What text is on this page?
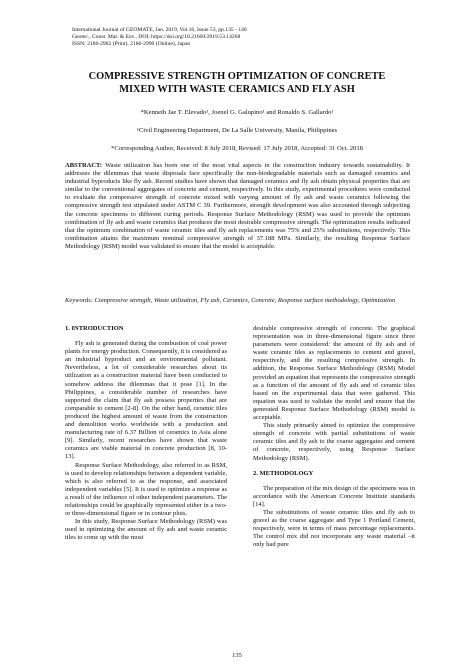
International Journal of GEOMATE, Jan. 2019, Vol.16, Issue 53, pp.135 - 140
Geotec., Const. Mat. & Env., DOI: https://doi.org/10.21660/2019.53.14268
ISSN: 2186-2982 (Print), 2186-2990 (Online), Japan
COMPRESSIVE STRENGTH OPTIMIZATION OF CONCRETE
MIXED WITH WASTE CERAMICS AND FLY ASH
*Kenneth Jae T. Elevado¹, Joenel G. Galupino¹ and Ronaldo S. Gallardo¹
¹Civil Engineering Department, De La Salle University, Manila, Philippines
*Corresponding Author, Received: 8 July 2018, Revised: 17 July 2018, Accepted: 31 Oct. 2018
ABSTRACT: Waste utilization has been one of the most vital aspects in the construction industry towards sustainability. It addresses the dilemmas that waste disposals face specifically the non-biodegradable materials such as damaged ceramics and industrial byproducts like fly ash. Recent studies have shown that damaged ceramics and fly ash obtain physical properties that are similar to the conventional aggregates of concrete and cement, respectively. In this study, experimental procedures were conducted to evaluate the compressive strength of concrete mixed with varying amount of fly ash and waste ceramics following the compressive strength test stipulated under ASTM C 39. Furthermore, strength development was also accounted through subjecting the concrete specimens to different curing periods. Response Surface Methodology (RSM) was used to provide the optimum combination of fly ash and waste ceramics that produces the most desirable compressive strength. The optimization results indicated that the optimum combination of waste ceramic tiles and fly ash replacements was 75% and 25% substitutions, respectively. This combination attains the maximum nominal compressive strength of 37.188 MPa. Similarly, the resulting Response Surface Methodology (RSM) model was validated to ensure that the model is acceptable.
Keywords: Compressive strength, Waste utilization, Fly ash, Ceramics, Concrete, Response surface methodology, Optimization
1. INTRODUCTION

Fly ash is generated during the combustion of coal power plants for energy production. Consequently, it is considered as an industrial byproduct and an environmental pollutant. Nevertheless, a lot of considerable researches about its utilization as a construction material have been conducted to somehow address the dilemmas that it pose [1]. In the Philippines, a considerable number of researches have supported the claim that fly ash possess properties that are comparable to cement [2-8]. On the other hand, ceramic tiles produced the highest amount of waste from the construction and demolition works worldwide with a production and manufacturing rate of 6.37 Billion of ceramics in Asia alone [9]. Similarly, recent researches have shown that waste ceramics are viable material in concrete production [8, 10-13].

Response Surface Methodology, also referred to as RSM, is used to develop relationships between a dependent variable, which is also referred to as the response, and associated independent variables [5]. It is used to optimize a response as a result of the influence of other independent parameters. The relationships could be graphically represented either in a two- or three-dimensional figure or in contour plots.

In this study, Response Surface Methodology (RSM) was used in optimizing the amount of fly ash and waste ceramic tiles to come up with the most

desirable compressive strength of concrete. The graphical representation was in three-dimensional figure since three parameters were considered: the amount of fly ash and of waste ceramic tiles as replacements to cement and gravel, respectively, and the resulting compressive strength. In addition, the Response Surface Methodology (RSM) Model provided an equation that represents the compressive strength as a function of the amount of fly ash and of ceramic tiles based on the experimental data that were gathered. This equation was used to validate the model and ensure that the generated Response Surface Methodology (RSM) model is acceptable.

This study primarily aimed to optimize the compressive strength of concrete with partial substitutions of waste ceramic tiles and fly ash to the coarse aggregates and cement of concrete, respectively, using Response Surface Methodology (RSM).

2. METHODOLOGY

The preparation of the mix design of the specimens was in accordance with the American Concrete Institute standards [14].

The substitutions of waste ceramic tiles and fly ash to gravel as the coarse aggregate and Type 1 Portland Cement, respectively, were in terms of mass percentage replacements. The control mix did not incorporate any waste material –it only had pure

135
